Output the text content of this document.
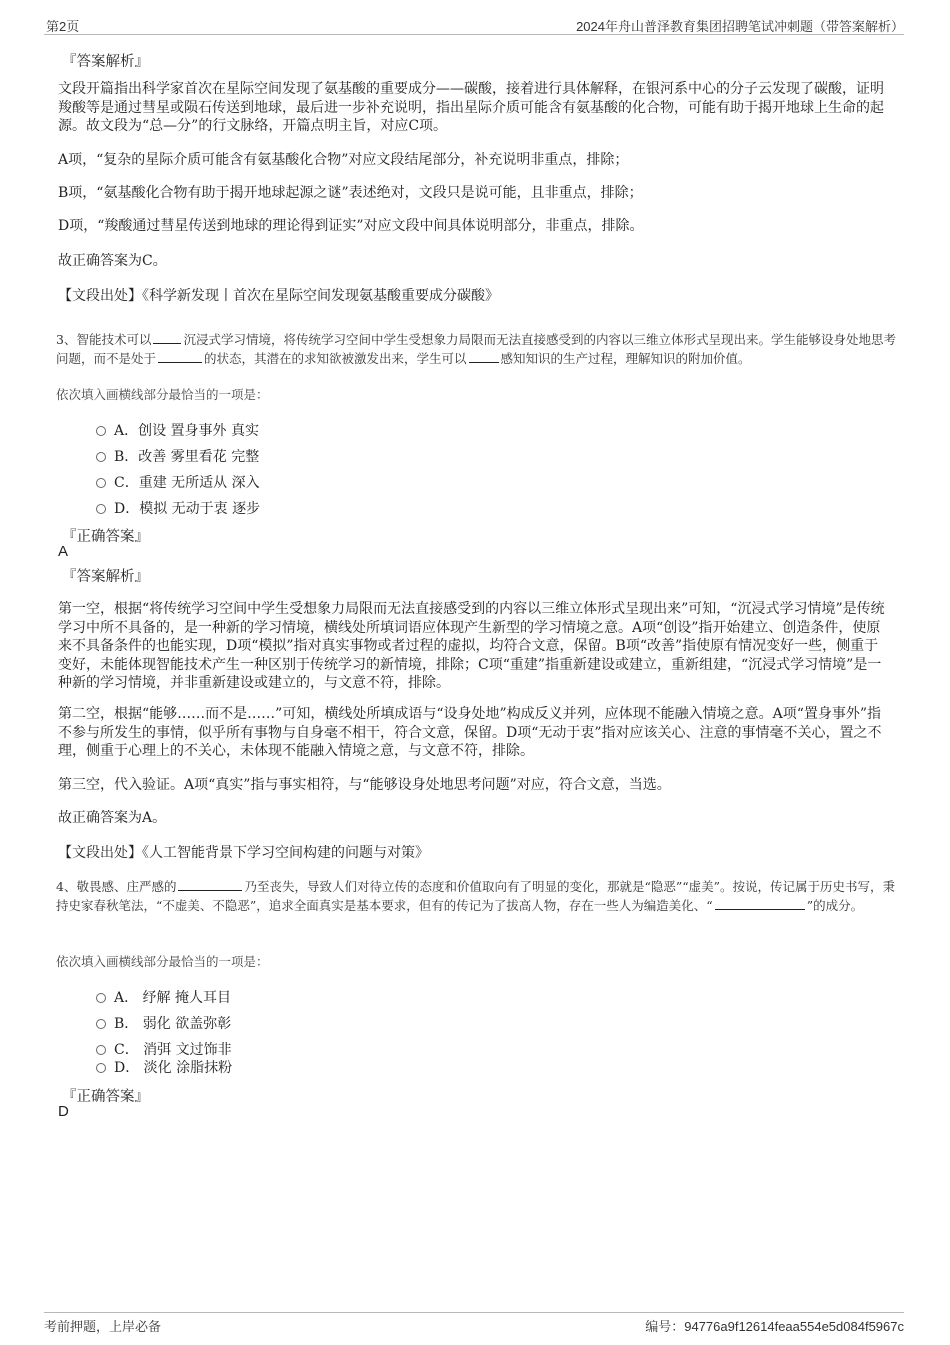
第2页	2024年舟山普泽教育集团招聘笔试冲刺题（带答案解析）
『答案解析』

文段开篇指出科学家首次在星际空间发现了氨基酸的重要成分——碳酸，接着进行具体解释，在银河系中心的分子云发现了碳酸，证明羧酸等是通过彗星或陨石传送到地球，最后进一步补充说明，指出星际介质可能含有氨基酸的化合物，可能有助于揭开地球上生命的起源。故文段为“总—分”的行文脉络，开篇点明主旨，对应C项。

A项，“复杂的星际介质可能含有氨基酸化合物”对应文段结尾部分，补充说明非重点，排除；

B项，“氨基酸化合物有助于揭开地球起源之谜”表述绝对，文段只是说可能，且非重点，排除；

D项，“羧酸通过彗星传送到地球的理论得到证实”对应文段中间具体说明部分，非重点，排除。

故正确答案为C。

【文段出处】《科学新发现丨首次在星际空间发现氨基酸重要成分碳酸》

3、智能技术可以	沉浸式学习情境，将传统学习空间中学生受想象力局限而无法直接感受到的内容以三维立体形式呈现出来。学生能够设身处地思考问题，而不是处于	的状态，其潜在的求知欲被激发出来，学生可以	感知知识的生产过程，理解知识的附加价值。

依次填入画横线部分最恰当的一项是：

A．创设 置身事外 真实
B．改善 雾里看花 完整
C．重建 无所适从 深入
D．模拟 无动于衷 逐步
『正确答案』
A
『答案解析』

第一空，根据“将传统学习空间中学生受想象力局限而无法直接感受到的内容以三维立体形式呈现出来”可知，“沉浸式学习情境”是传统学习中所不具备的，是一种新的学习情境，横线处所填词语应体现产生新型的学习情境之意。A项“创设”指开始建立、创造条件，使原来不具备条件的也能实现，D项“模拟”指对真实事物或者过程的虚拟，均符合文意，保留。B项“改善”指使原有情况变好一些，侧重于变好，未能体现智能技术产生一种区别于传统学习的新情境，排除；C项“重建”指重新建设或建立，重新组建，“沉浸式学习情境”是一种新的学习情境，并非重新建设或建立的，与文意不符，排除。

第二空，根据“能够……而不是……”可知，横线处所填成语与“设身处地”构成反义并列，应体现不能融入情境之意。A项“置身事外”指不参与所发生的事情，似乎所有事物与自身毫不相干，符合文意，保留。D项“无动于衷”指对应该关心、注意的事情毫不关心，置之不理，侧重于心理上的不关心，未体现不能融入情境之意，与文意不符，排除。

第三空，代入验证。A项“真实”指与事实相符，与“能够设身处地思考问题”对应，符合文意，当选。

故正确答案为A。

【文段出处】《人工智能背景下学习空间构建的问题与对策》

4、敬畏感、庄严感的	乃至丧失，导致人们对待立传的态度和价值取向有了明显的变化，那就是“隐恶”“虚美”。按说，传记属于历史书写，秉持史家春秋笔法，“不虚美、不隐恶”，追求全面真实是基本要求，但有的传记为了拔高人物，存在一些人为编造美化、“	”的成分。

依次填入画横线部分最恰当的一项是：

A． 纾解 掩人耳目
B． 弱化 欲盖弥彰
C． 消弭 文过饰非
D． 淡化 涂脂抹粉
『正确答案』
D
考前押题，上岸必备	编号：94776a9f12614feaa554e5d084f5967c
